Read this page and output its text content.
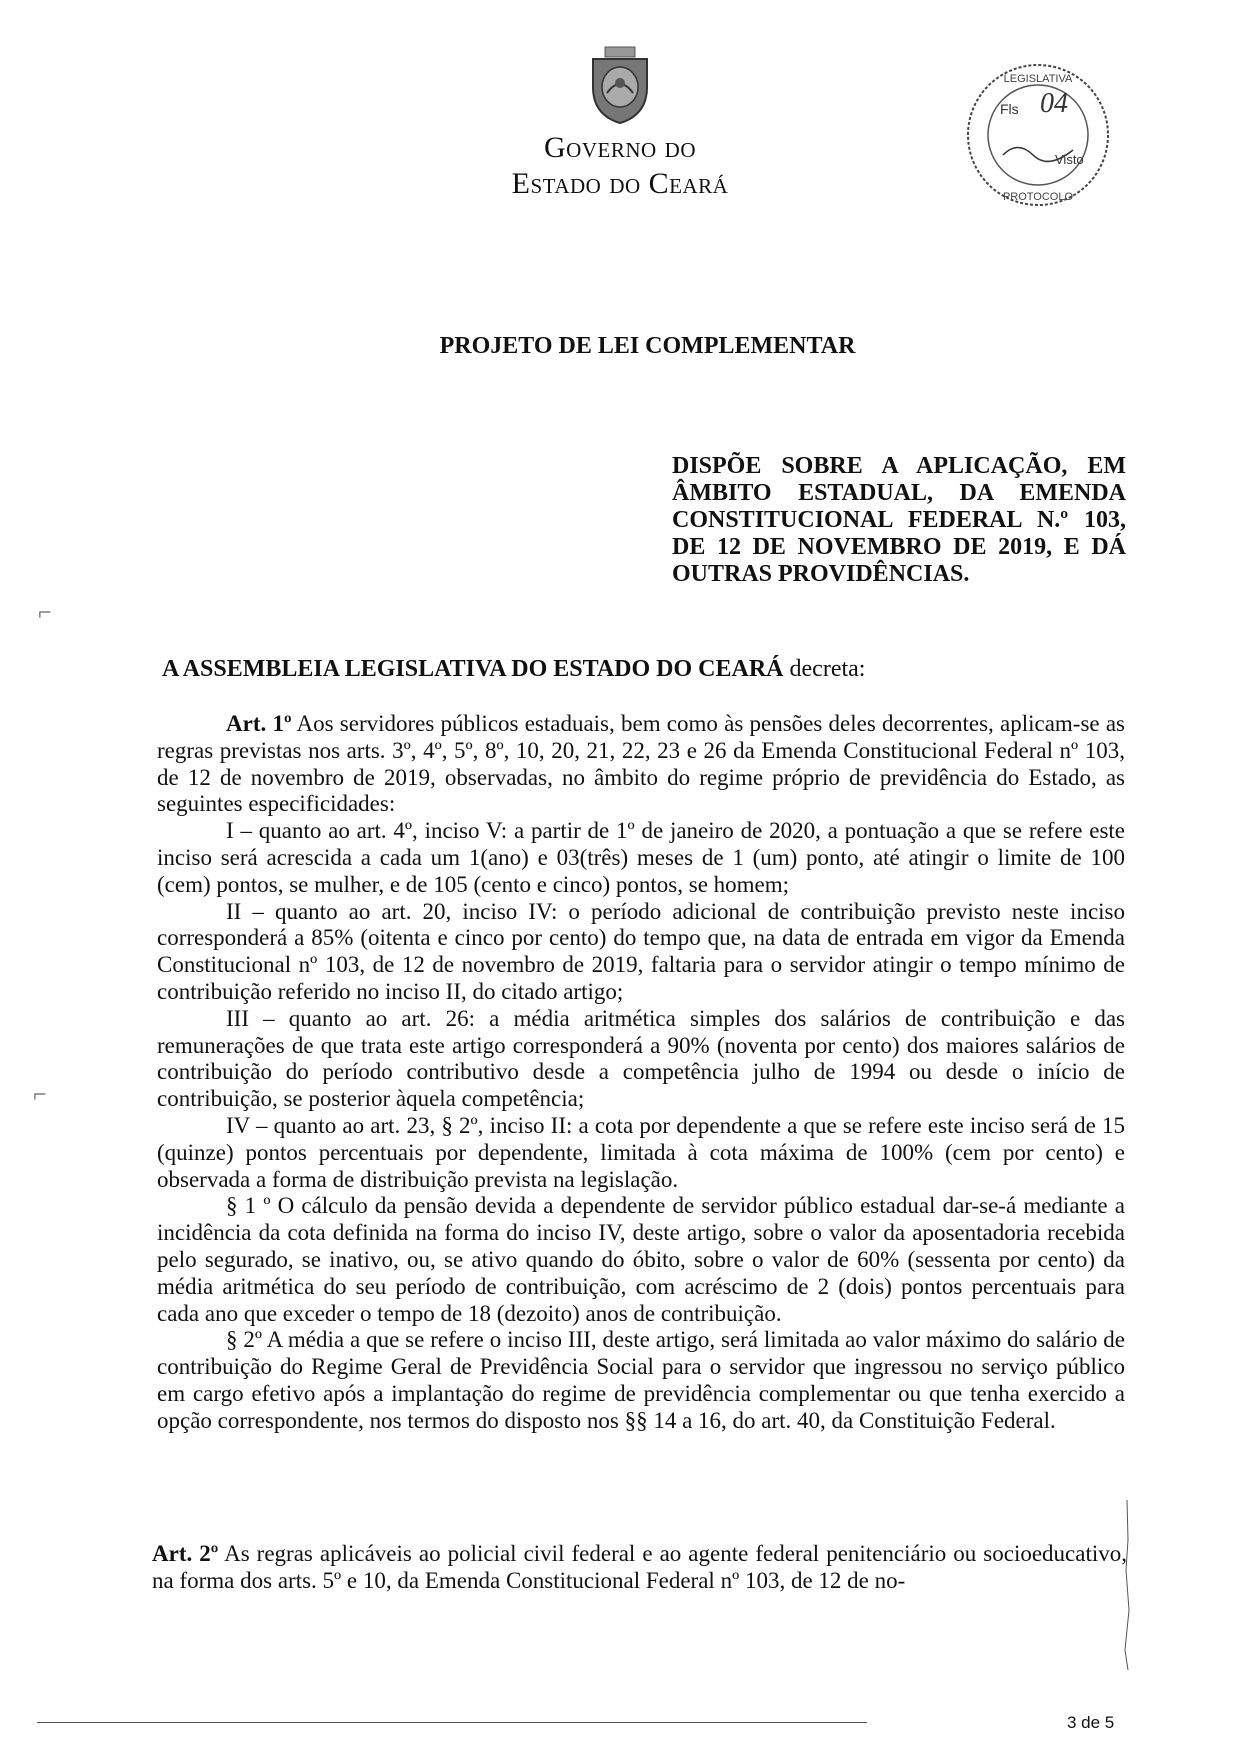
Governo do
Estado do Ceará
LEGISLATIVA
PROTOCOLO
Fls 04
Visto
PROJETO DE LEI COMPLEMENTAR
DISPÕE SOBRE A APLICAÇÃO, EM ÂMBITO ESTADUAL, DA EMENDA CONSTITUCIONAL FEDERAL N.º 103, DE 12 DE NOVEMBRO DE 2019, E DÁ OUTRAS PROVIDÊNCIAS.
A ASSEMBLEIA LEGISLATIVA DO ESTADO DO CEARÁ decreta:

Art. 1º Aos servidores públicos estaduais, bem como às pensões deles decorrentes, aplicam-se as regras previstas nos arts. 3º, 4º, 5º, 8º, 10, 20, 21, 22, 23 e 26 da Emenda Constitucional Federal nº 103, de 12 de novembro de 2019, observadas, no âmbito do regime próprio de previdência do Estado, as seguintes especificidades:

I – quanto ao art. 4º, inciso V: a partir de 1º de janeiro de 2020, a pontuação a que se refere este inciso será acrescida a cada um 1(ano) e 03(três) meses de 1 (um) ponto, até atingir o limite de 100 (cem) pontos, se mulher, e de 105 (cento e cinco) pontos, se homem;

II – quanto ao art. 20, inciso IV: o período adicional de contribuição previsto neste inciso corresponderá a 85% (oitenta e cinco por cento) do tempo que, na data de entrada em vigor da Emenda Constitucional nº 103, de 12 de novembro de 2019, faltaria para o servidor atingir o tempo mínimo de contribuição referido no inciso II, do citado artigo;

III – quanto ao art. 26: a média aritmética simples dos salários de contribuição e das remunerações de que trata este artigo corresponderá a 90% (noventa por cento) dos maiores salários de contribuição do período contributivo desde a competência julho de 1994 ou desde o início de contribuição, se posterior àquela competência;

IV – quanto ao art. 23, § 2º, inciso II: a cota por dependente a que se refere este inciso será de 15 (quinze) pontos percentuais por dependente, limitada à cota máxima de 100% (cem por cento) e observada a forma de distribuição prevista na legislação.

§ 1 º O cálculo da pensão devida a dependente de servidor público estadual dar-se-á mediante a incidência da cota definida na forma do inciso IV, deste artigo, sobre o valor da aposentadoria recebida pelo segurado, se inativo, ou, se ativo quando do óbito, sobre o valor de 60% (sessenta por cento) da média aritmética do seu período de contribuição, com acréscimo de 2 (dois) pontos percentuais para cada ano que exceder o tempo de 18 (dezoito) anos de contribuição.

§ 2º A média a que se refere o inciso III, deste artigo, será limitada ao valor máximo do salário de contribuição do Regime Geral de Previdência Social para o servidor que ingressou no serviço público em cargo efetivo após a implantação do regime de previdência complementar ou que tenha exercido a opção correspondente, nos termos do disposto nos §§ 14 a 16, do art. 40, da Constituição Federal.

Art. 2º As regras aplicáveis ao policial civil federal e ao agente federal penitenciário ou socioeducativo, na forma dos arts. 5º e 10, da Emenda Constitucional Federal nº 103, de 12 de no-

⌐
⌐
3 de 5
